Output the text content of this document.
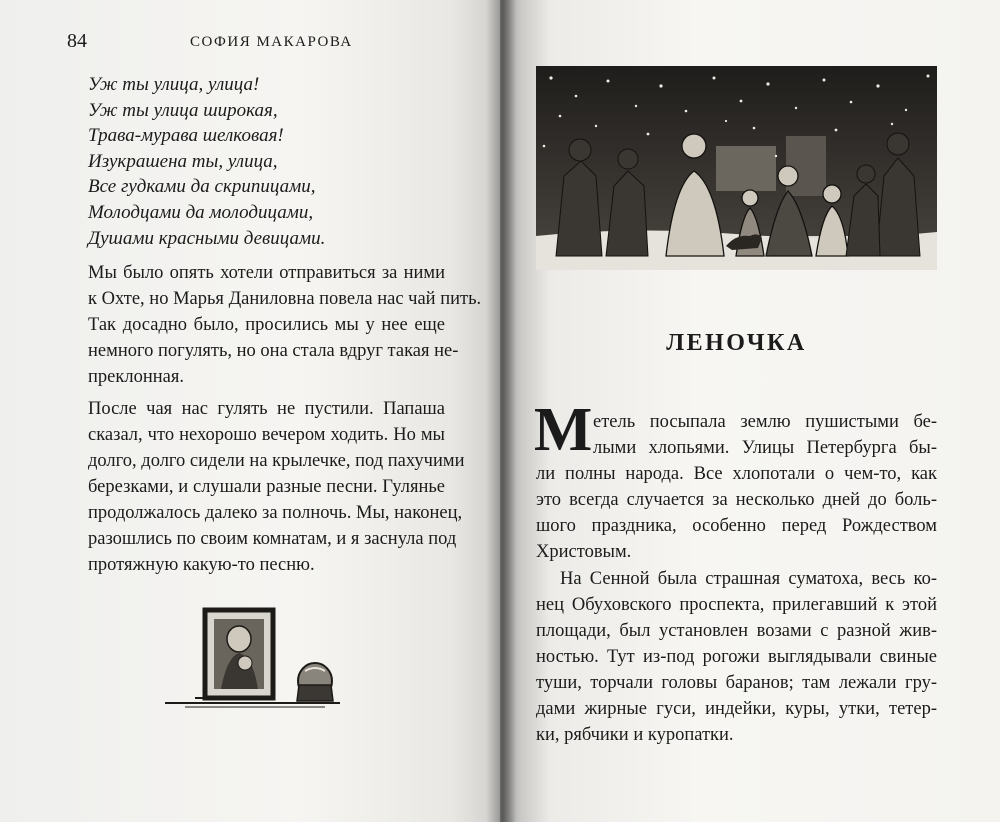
84	СОФИЯ МАКАРОВА
Уж ты улица, улица!
Уж ты улица широкая,
Трава-мурава шелковая!
Изукрашена ты, улица,
Все гудками да скрипицами,
Молодцами да молодицами,
Душами красными девицами.
Мы было опять хотели отправиться за ними
к Охте, но Марья Даниловна повела нас чай пить.
Так досадно было, просились мы у нее еще
немного погулять, но она стала вдруг такая не-
преклонная.
После чая нас гулять не пустили. Папаша
сказал, что нехорошо вечером ходить. Но мы
долго, долго сидели на крылечке, под пахучими
березками, и слушали разные песни. Гулянье
продолжалось далеко за полночь. Мы, наконец,
разошлись по своим комнатам, и я заснула под
протяжную какую-то песню.
ЛЕНОЧКА
М етель посыпала землю пушистыми бе-
лыми хлопьями. Улицы Петербурга бы-
ли полны народа. Все хлопотали о чем-то, как
это всегда случается за несколько дней до боль-
шого праздника, особенно перед Рождеством
Христовым.
На Сенной была страшная суматоха, весь ко-
нец Обуховского проспекта, прилегавший к этой
площади, был установлен возами с разной жив-
ностью. Тут из-под рогожи выглядывали свиные
туши, торчали головы баранов; там лежали гру-
дами жирные гуси, индейки, куры, утки, тетер-
ки, рябчики и куропатки.
